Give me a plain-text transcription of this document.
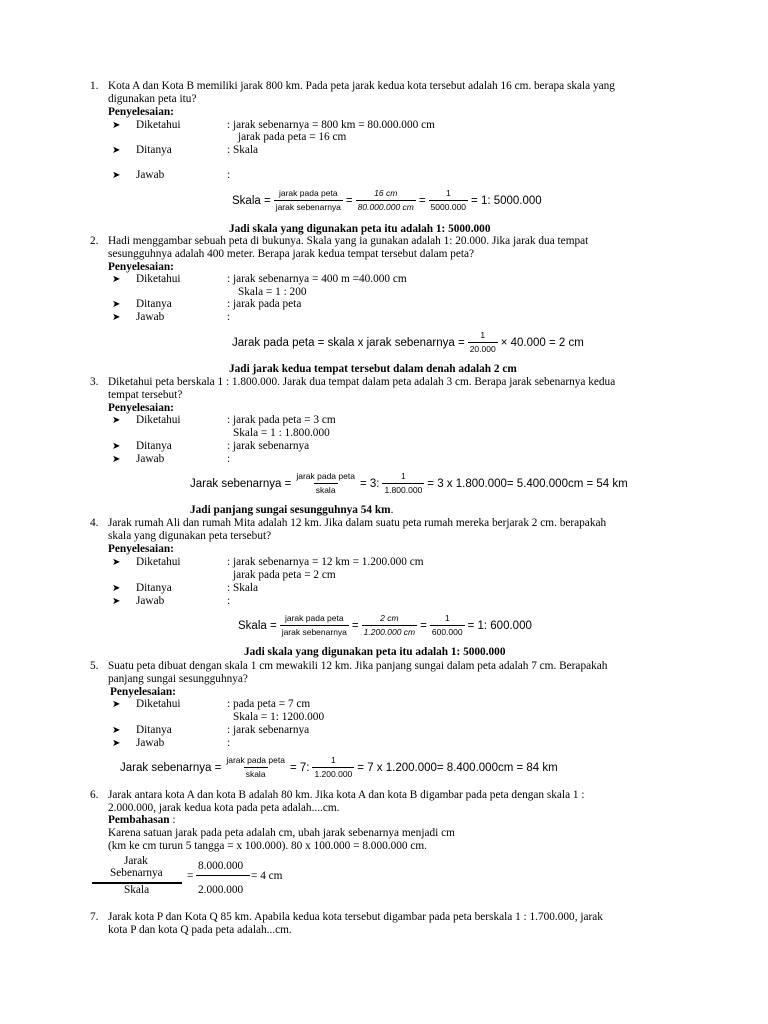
1. Kota A dan Kota B memiliki jarak 800 km. Pada peta jarak kedua kota tersebut adalah 16 cm. berapa skala yang
digunakan peta itu?
Penyelesaian:
➤ Diketahui	: jarak sebenarnya = 800 km = 80.000.000 cm
jarak pada peta = 16 cm
➤ Ditanya	: Skala
➤ Jawab	:
Skala = $\frac{\text{jarak pada peta}}{\text{jarak sebenarnya}} = \frac{16 cm}{80.000.000 cm} = \frac{1}{5000.000} = 1$: 5000.000
Jadi skala yang digunakan peta itu adalah 1: 5000.000
2. Hadi menggambar sebuah peta di bukunya. Skala yang ia gunakan adalah 1: 20.000. Jika jarak dua tempat
sesungguhnya adalah 400 meter. Berapa jarak kedua tempat tersebut dalam peta?
Penyelesaian:
➤ Diketahui	: jarak sebenarnya = 400 m =40.000 cm
Skala = 1 : 200
➤ Ditanya	: jarak pada peta
➤ Jawab	:
Jarak pada peta = skala x jarak sebenarnya = $\frac{1}{20.000} \times 40.000 = 2$ cm
Jadi jarak kedua tempat tersebut dalam denah adalah 2 cm
3. Diketahui peta berskala 1 : 1.800.000. Jarak dua tempat dalam peta adalah 3 cm. Berapa jarak sebenarnya kedua
tempat tersebut?
Penyelesaian:
➤ Diketahui	: jarak pada peta = 3 cm
Skala = 1 : 1.800.000
➤ Ditanya	: jarak sebenarnya
➤ Jawab	:
Jarak sebenarnya = $\frac{\text{jarak pada peta}}{\text{skala}} = 3$: $\frac{1}{1.800.000} = 3$ x 1.800.000= 5.400.000cm = 54 km
Jadi panjang sungai sesungguhnya 54 km.
4. Jarak rumah Ali dan rumah Mita adalah 12 km. Jika dalam suatu peta rumah mereka berjarak 2 cm. berapakah
skala yang digunakan peta tersebut?
Penyelesaian:
➤ Diketahui	: jarak sebenarnya = 12 km = 1.200.000 cm
jarak pada peta = 2 cm
➤ Ditanya	: Skala
➤ Jawab	:
Skala = $\frac{\text{jarak pada peta}}{\text{jarak sebenarnya}} = \frac{2 cm}{1.200.000 cm} = \frac{1}{600.000} = 1$: 600.000
Jadi skala yang digunakan peta itu adalah 1: 5000.000
5. Suatu peta dibuat dengan skala 1 cm mewakili 12 km. Jika panjang sungai dalam peta adalah 7 cm. Berapakah
panjang sungai sesungguhnya?
Penyelesaian:
➤ Diketahui	: pada peta = 7 cm
Skala = 1: 1200.000
➤ Ditanya	: jarak sebenarnya
➤ Jawab	:
Jarak sebenarnya = $\frac{\text{jarak pada peta}}{\text{skala}} = 7$: $\frac{1}{1.200.000} = 7$ x 1.200.000= 8.400.000cm = 84 km
6. Jarak antara kota A dan kota B adalah 80 km. Jika kota A dan kota B digambar pada peta dengan skala 1 :
2.000.000, jarak kedua kota pada peta adalah....cm.
Pembahasan :
Karena satuan jarak pada peta adalah cm, ubah jarak sebenarnya menjadi cm
(km ke cm turun 5 tangga = x 100.000). 80 x 100.000 = 8.000.000 cm.
Jarak
Sebenarnya
Skala
=
8.000.000
2.000.000
= 4 cm
7. Jarak kota P dan Kota Q 85 km. Apabila kedua kota tersebut digambar pada peta berskala 1 : 1.700.000, jarak
kota P dan kota Q pada peta adalah...cm.
